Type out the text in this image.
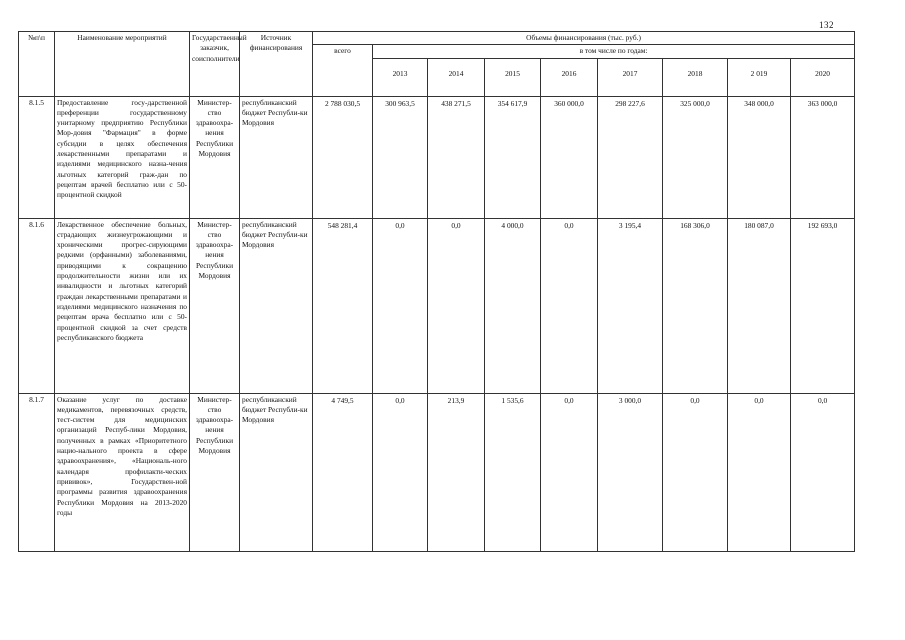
132
№п\п	Наименование мероприятий	Государственный заказчик, соисполнители	Источник финансирования	Объемы финансирования (тыс. руб.)								
				всего	в том числе по годам:							
					2013	2014	2015	2016	2017	2018	2 019	2020
8.1.5	Предоставление госу-дарственной преференции государственному унитарному предприятию Республики Мор-довия "Фармация" в форме субсидии в целях обеспечения лекарственными препаратами и изделиями медицинского назна-чения льготных категорий граж-дан по рецептам врачей бесплатно или с 50-процентной скидкой	Министер-ство здравоохра-нения Республики Мордовия	республиканский бюджет Республи-ки Мордовия	2 788 030,5	300 963,5	438 271,5	354 617,9	360 000,0	298 227,6	325 000,0	348 000,0	363 000,0
8.1.6	Лекарственное обеспечение больных, страдающих жизнеугрожающими и хроническими прогрес-сирующими редкими (орфанными) заболеваниями, приводящими к сокращению продолжительности жизни или их инвалидности и льготных категорий граждан лекарственными препаратами и изделиями медицинского назначения по рецептам врача бесплатно или с 50-процентной скидкой за счет средств республиканского бюджета	Министер-ство здравоохра-нения Республики Мордовия	республиканский бюджет Республи-ки Мордовия	548 281,4	0,0	0,0	4 000,0	0,0	3 195,4	168 306,0	180 087,0	192 693,0
8.1.7	Оказание услуг по доставке медикаментов, перевязочных средств, тест-систем для медицинских организаций Респуб-лики Мордовия, полученных в рамках «Приоритетного нацио-нального проекта в сфере здравоохранения», «Националь-ного календаря профилакти-ческих прививок», Государствен-ной программы развития здравоохранения Республики Мордовия на 2013-2020 годы	Министер-ство здравоохра-нения Республики Мордовия	республиканский бюджет Республи-ки Мордовия	4 749,5	0,0	213,9	1 535,6	0,0	3 000,0	0,0	0,0	0,0
